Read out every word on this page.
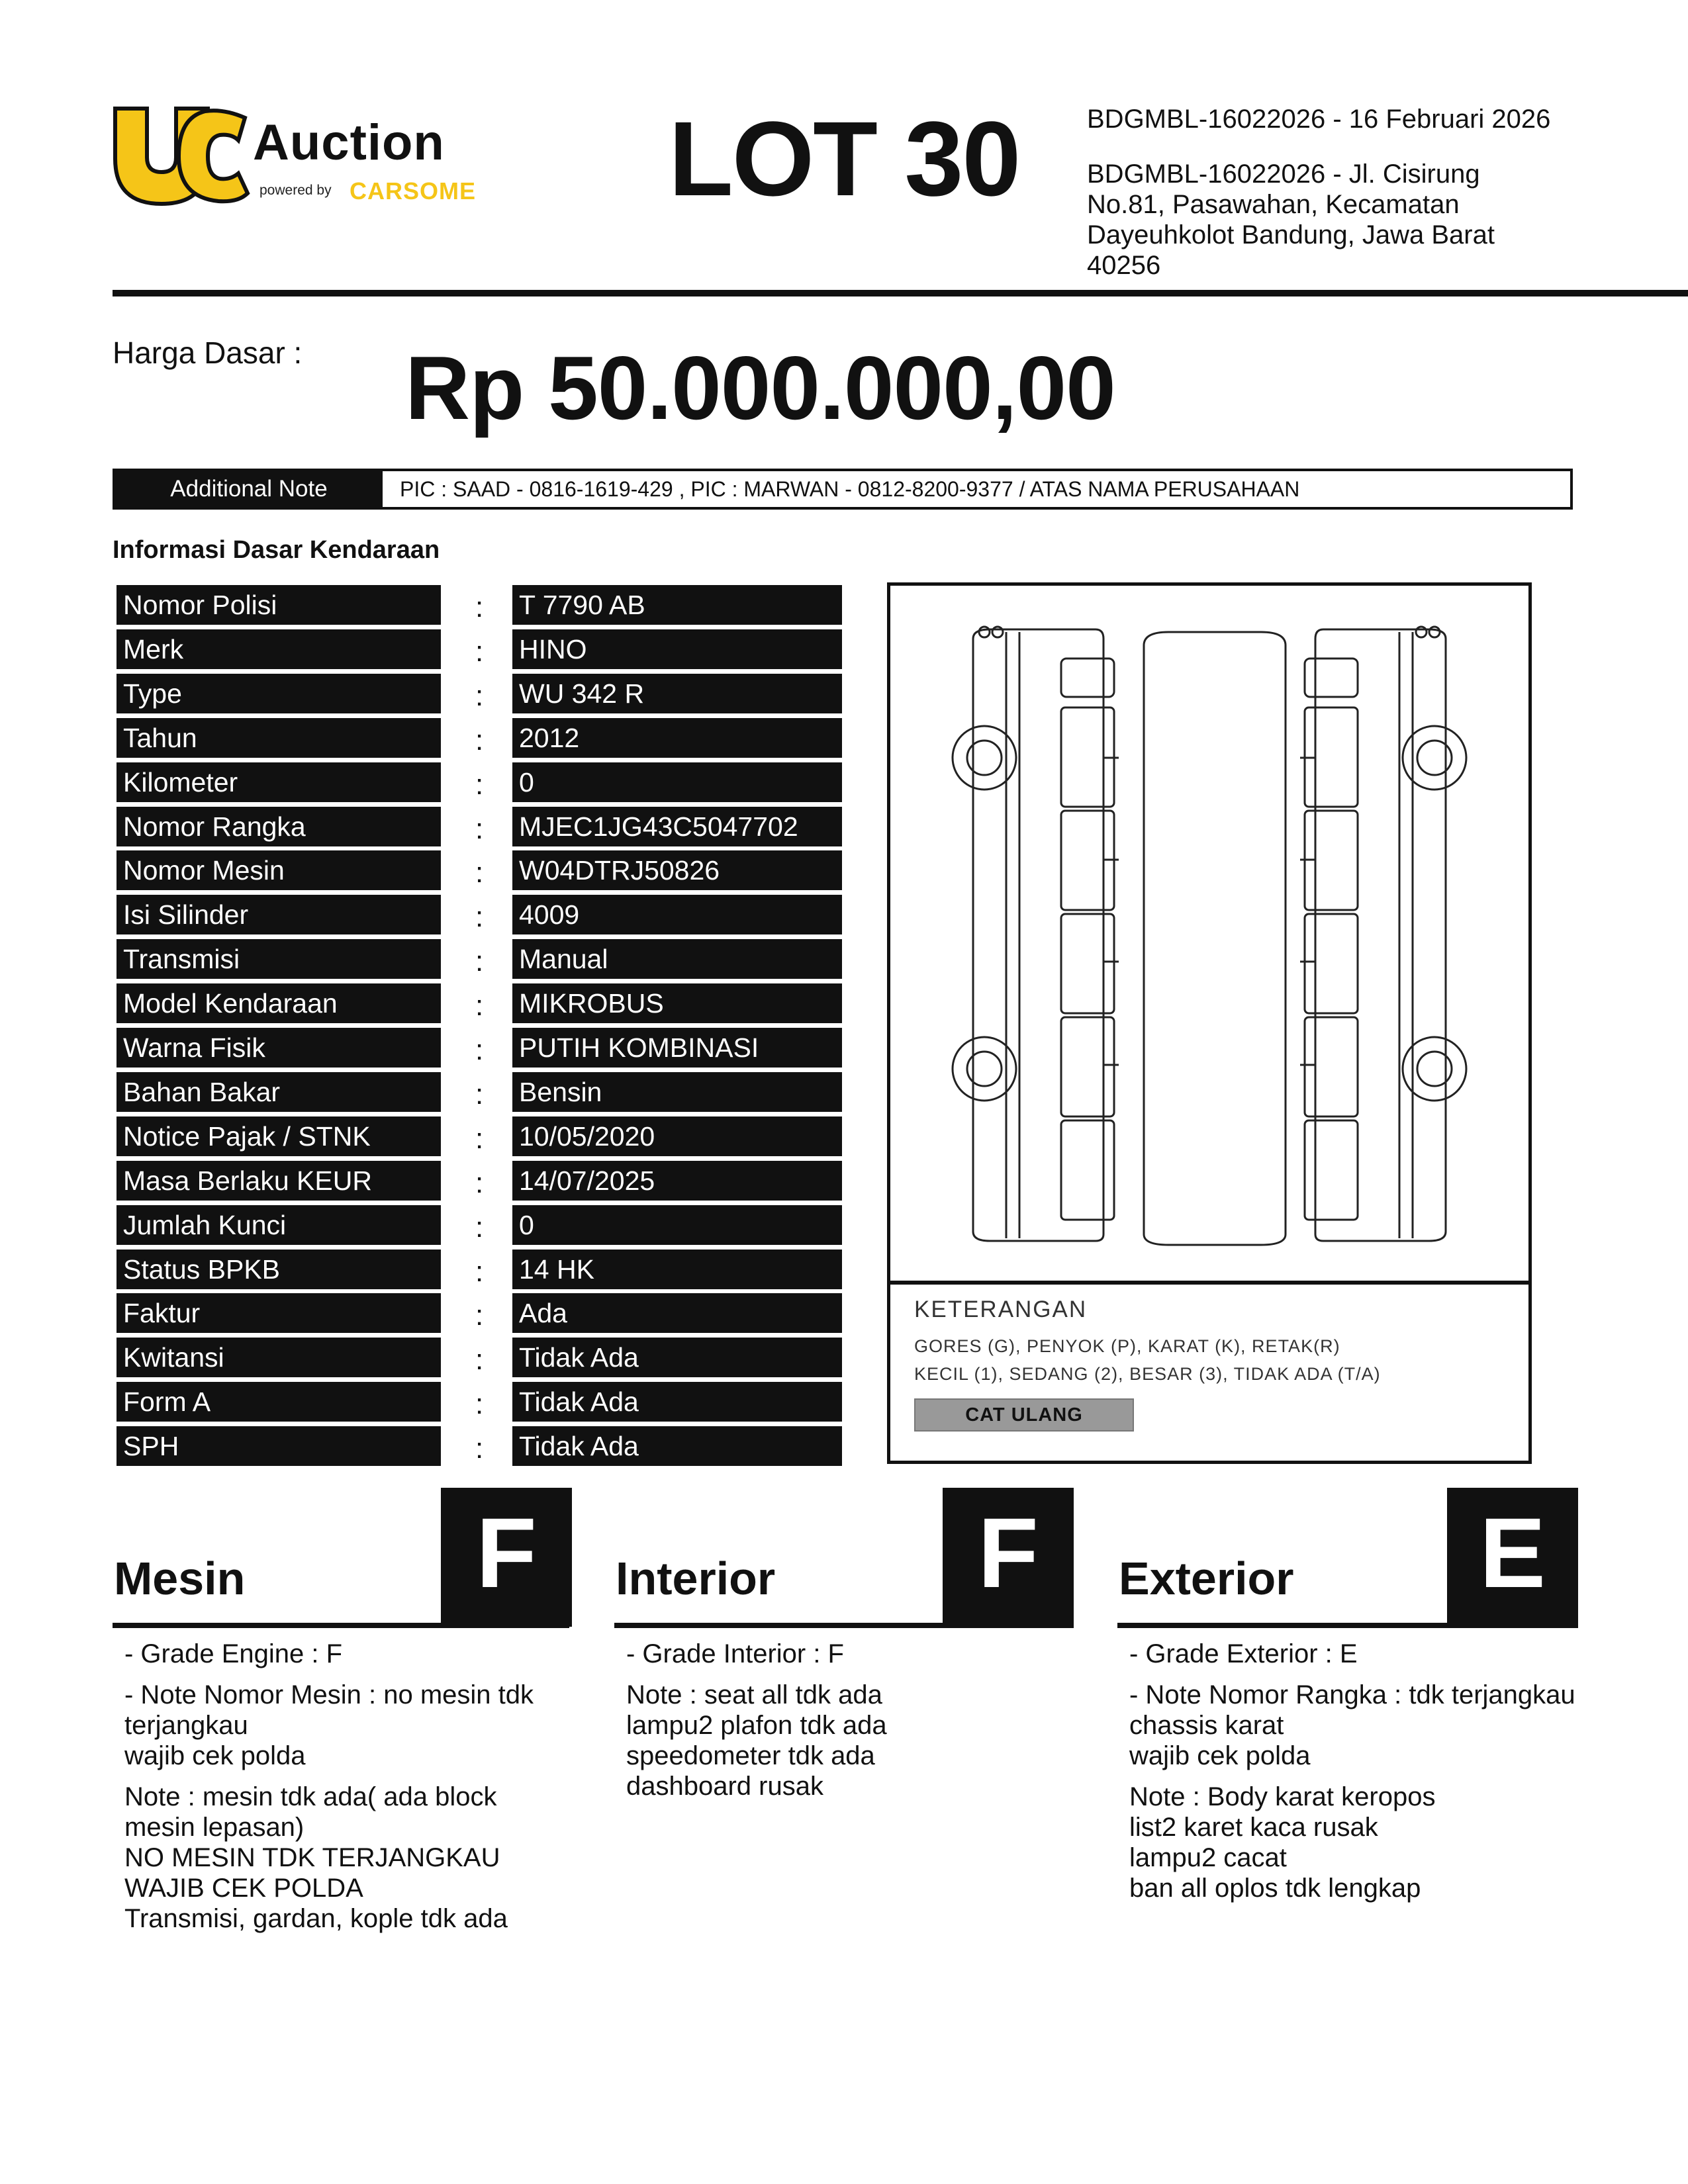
Auction
powered by CARSOME LOT 30	BDGMBL-16022026 - 16 Februari 2026
BDGMBL-16022026 - Jl. Cisirung No.81, Pasawahan, Kecamatan Dayeuhkolot Bandung, Jawa Barat 40256
Harga Dasar : Rp 50.000.000,00
Additional Note	PIC : SAAD - 0816-1619-429 , PIC : MARWAN - 0812-8200-9377 / ATAS NAMA PERUSAHAAN
Informasi Dasar Kendaraan
Nomor Polisi	: T 7790 AB
Merk	: HINO
Type	: WU 342 R
Tahun	: 2012
Kilometer	: 0
Nomor Rangka	: MJEC1JG43C5047702
Nomor Mesin	: W04DTRJ50826
Isi Silinder	: 4009
Transmisi	: Manual
Model Kendaraan	: MIKROBUS
Warna Fisik	: PUTIH KOMBINASI
Bahan Bakar	: Bensin
Notice Pajak / STNK	: 10/05/2020
Masa Berlaku KEUR	: 14/07/2025
Jumlah Kunci	: 0
Status BPKB	: 14 HK
Faktur	: Ada
Kwitansi	: Tidak Ada
Form A	: Tidak Ada
SPH	: Tidak Ada
KETERANGAN
GORES (G), PENYOK (P), KARAT (K), RETAK(R)
KECIL (1), SEDANG (2), BESAR (3), TIDAK ADA (T/A)
CAT ULANG
Mesin	F

- Grade Engine : F

- Note Nomor Mesin : no mesin tdk terjangkau
wajib cek polda

Note : mesin tdk ada( ada block mesin lepasan)
NO MESIN TDK TERJANGKAU
WAJIB CEK POLDA
Transmisi, gardan, kople tdk ada

Interior	F

- Grade Interior : F

Note : seat all tdk ada
lampu2 plafon tdk ada
speedometer tdk ada
dashboard rusak

Exterior	E

- Grade Exterior : E

- Note Nomor Rangka : tdk terjangkau chassis karat
wajib cek polda

Note : Body karat keropos
list2 karet kaca rusak
lampu2 cacat
ban all oplos tdk lengkap
